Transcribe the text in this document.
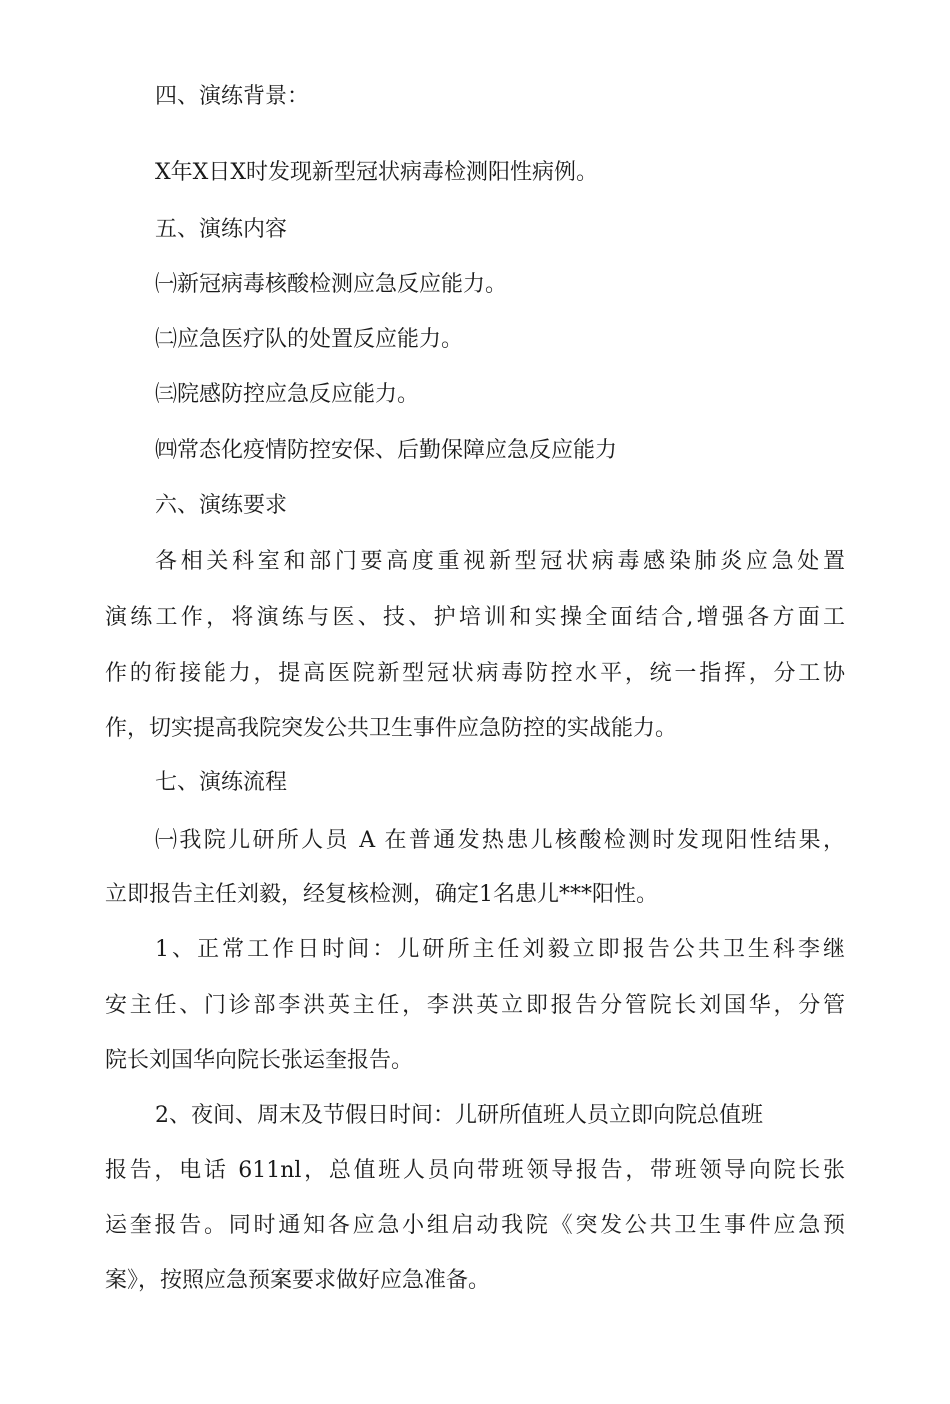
四、演练背景：
X年X日X时发现新型冠状病毒检测阳性病例。
五、演练内容
㈠新冠病毒核酸检测应急反应能力。
㈡应急医疗队的处置反应能力。
㈢院感防控应急反应能力。
㈣常态化疫情防控安保、后勤保障应急反应能力
六、演练要求
各相关科室和部门要高度重视新型冠状病毒感染肺炎应急处置
演练工作，将演练与医、技、护培训和实操全面结合,增强各方面工
作的衔接能力，提高医院新型冠状病毒防控水平，统一指挥，分工协
作，切实提高我院突发公共卫生事件应急防控的实战能力。
七、演练流程
㈠我院儿研所人员 A 在普通发热患儿核酸检测时发现阳性结果，
立即报告主任刘毅，经复核检测，确定1名患儿***阳性。
1、正常工作日时间：儿研所主任刘毅立即报告公共卫生科李继
安主任、门诊部李洪英主任，李洪英立即报告分管院长刘国华，分管
院长刘国华向院长张运奎报告。
2、夜间、周末及节假日时间：儿研所值班人员立即向院总值班
报告，电话 611nl，总值班人员向带班领导报告，带班领导向院长张
运奎报告。同时通知各应急小组启动我院《突发公共卫生事件应急预
案》，按照应急预案要求做好应急准备。
